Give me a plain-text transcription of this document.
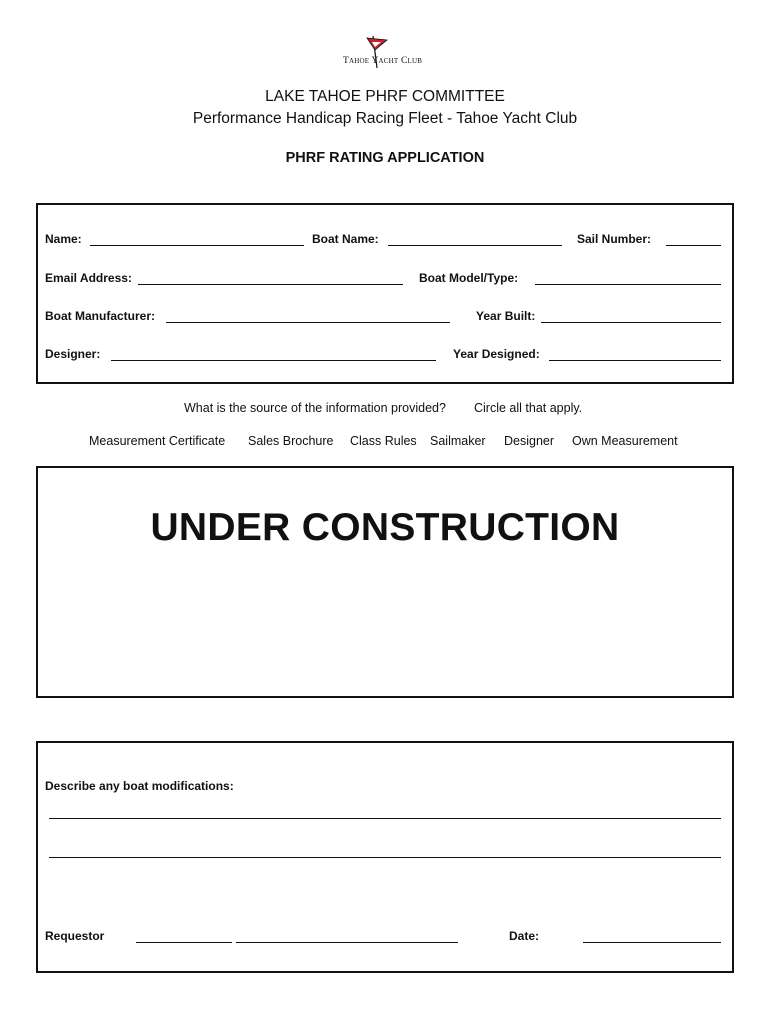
Tahoe Yacht Club
LAKE TAHOE PHRF COMMITTEE
Performance Handicap Racing Fleet - Tahoe Yacht Club
PHRF RATING APPLICATION
Name:	Boat Name:	Sail Number:
Email Address:	Boat Model/Type:
Boat Manufacturer:	Year Built:
Designer:	Year Designed:
What is the source of the information provided? Circle all that apply.
Measurement Certificate Sales Brochure Class Rules Sailmaker Designer Own Measurement
UNDER CONSTRUCTION
Describe any boat modifications:
Requestor	Date:
